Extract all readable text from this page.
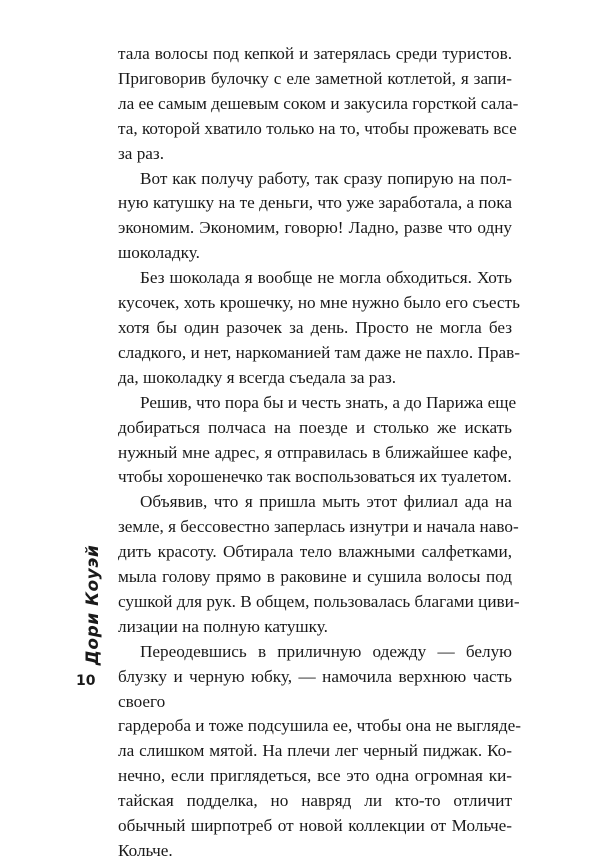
тала волосы под кепкой и затерялась среди туристов.
Приговорив булочку с еле заметной котлетой, я запи-
ла ее самым дешевым соком и закусила горсткой сала-
та, которой хватило только на то, чтобы прожевать все
за раз.

Вот как получу работу, так сразу попирую на пол-
ную катушку на те деньги, что уже заработала, а пока
экономим. Экономим, говорю! Ладно, разве что одну
шоколадку.

Без шоколада я вообще не могла обходиться. Хоть
кусочек, хоть крошечку, но мне нужно было его съесть
хотя бы один разочек за день. Просто не могла без
сладкого, и нет, наркоманией там даже не пахло. Прав-
да, шоколадку я всегда съедала за раз.

Решив, что пора бы и честь знать, а до Парижа еще
добираться полчаса на поезде и столько же искать
нужный мне адрес, я отправилась в ближайшее кафе,
чтобы хорошенечко так воспользоваться их туалетом.

Объявив, что я пришла мыть этот филиал ада на
земле, я бессовестно заперлась изнутри и начала наво-
дить красоту. Обтирала тело влажными салфетками,
мыла голову прямо в раковине и сушила волосы под
сушкой для рук. В общем, пользовалась благами циви-
лизации на полную катушку.

Переодевшись в приличную одежду — белую блузку и черную юбку, — намочила верхнюю часть своего
гардероба и тоже подсушила ее, чтобы она не выгляде-
ла слишком мятой. На плечи лег черный пиджак. Ко-
нечно, если приглядеться, все это одна огромная ки-
тайская подделка, но навряд ли кто-то отличит
обычный ширпотреб от новой коллекции от Мольче-Кольче.

Дори Коуэй
10
